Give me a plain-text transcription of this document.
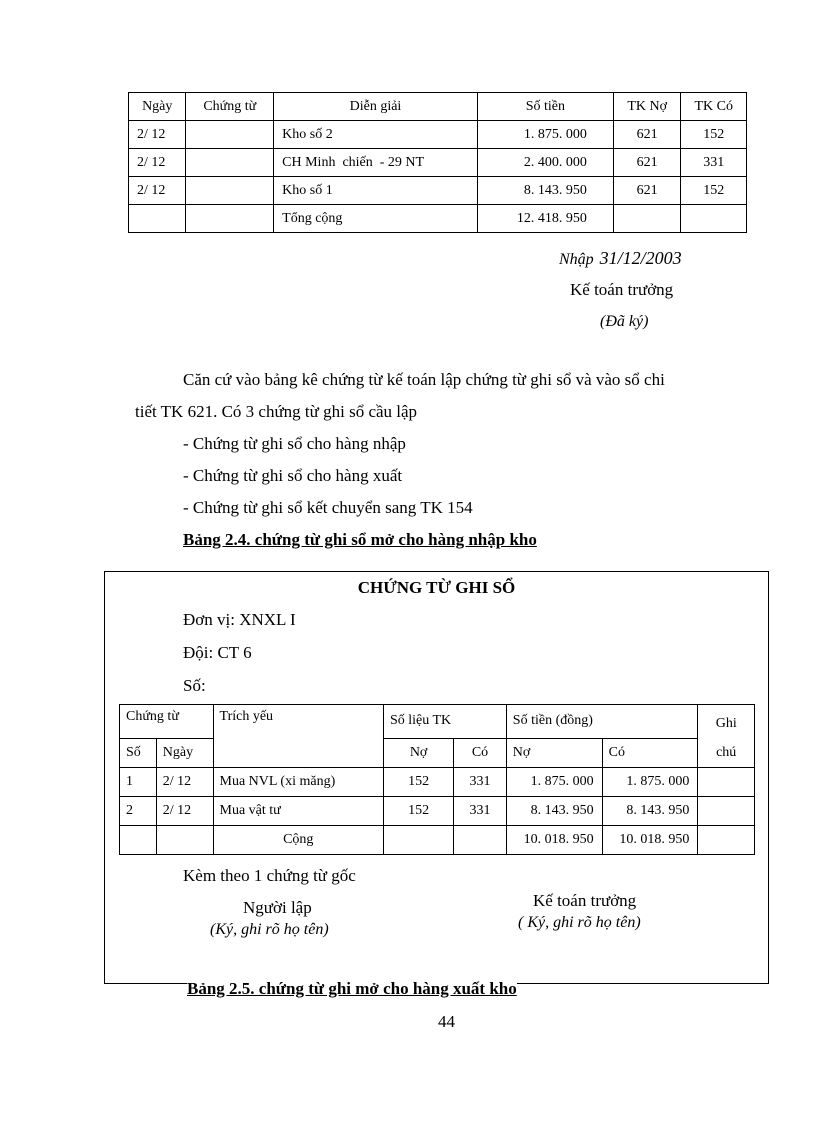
Ngày	Chứng từ	Diễn giải	Số tiền	TK Nợ	TK Có
2/ 12		Kho số 2	1. 875. 000	621	152
2/ 12		CH Minh  chiến  - 29 NT	2. 400. 000	621	331
2/ 12		Kho số 1	8. 143. 950	621	152
		Tổng cộng	12. 418. 950		
Nhập 31/12/2003
Kế toán trưởng
(Đã ký)
Căn cứ vào bảng kê chứng từ kế toán lập chứng từ ghi sổ và vào sổ chi
tiết TK 621. Có 3 chứng từ ghi sổ cầu lập
- Chứng từ ghi sổ cho hàng nhập
- Chứng từ ghi sổ cho hàng xuất
- Chứng từ ghi sổ kết chuyển sang TK 154
Bảng 2.4. chứng từ ghi sổ mở cho hàng nhập kho
CHỨNG TỪ GHI SỔ
Đơn vị: XNXL I
Đội: CT 6
Số:
Chứng từ		Trích yếu	Số liệu TK		Số tiền (đồng)		Ghi
chú
Số	Ngày		Nợ	Có	Nợ	Có	
1	2/ 12	Mua NVL (xi măng)	152	331	1. 875. 000	1. 875. 000	
2	2/ 12	Mua vật tư	152	331	8. 143. 950	8. 143. 950	
		Cộng			10. 018. 950	10. 018. 950	
Kèm theo 1 chứng từ gốc
Người lập
(Ký, ghi rõ họ tên)
Kế toán trưởng
( Ký, ghi rõ họ tên)
Bảng 2.5. chứng từ ghi mở cho hàng xuất kho
44
